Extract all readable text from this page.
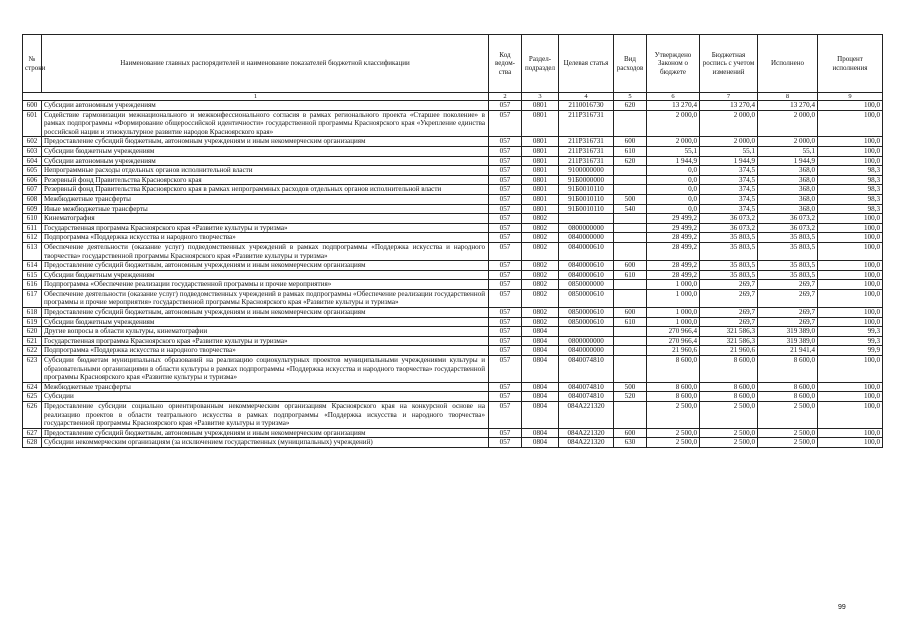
№ строки	Наименование главных распорядителей и наименование показателей бюджетной классификации	Код ведом-ства	Раздел-подраздел	Целевая статья	Вид расходов	Утверждено Законом о бюджете	Бюджетная роспись с учетом изменений	Исполнено	Процент исполнения
1		2	3	4	5	6	7	8	9
600	Субсидии автономным учреждениям	057	0801	2110016730	620	13 270,4	13 270,4	13 270,4	100,0
601	Содействие гармонизации межнационального и межконфессионального согласия в рамках регионального проекта «Старшее поколение» в рамках подпрограммы «Формирование общероссийской идентичности» государственной программы Красноярского края «Укрепление единства российской нации и этнокультурное развитие народов Красноярского края»	057	0801	211P316731		2 000,0	2 000,0	2 000,0	100,0
602	Предоставление субсидий бюджетным, автономным учреждениям и иным некоммерческим организациям	057	0801	211P316731	600	2 000,0	2 000,0	2 000,0	100,0
603	Субсидии бюджетным учреждениям	057	0801	211P316731	610	55,1	55,1	55,1	100,0
604	Субсидии автономным учреждениям	057	0801	211P316731	620	1 944,9	1 944,9	1 944,9	100,0
605	Непрограммные расходы отдельных органов исполнительной власти	057	0801	9100000000		0,0	374,5	368,0	98,3
606	Резервный фонд Правительства Красноярского края	057	0801	91Б0000000		0,0	374,5	368,0	98,3
607	Резервный фонд Правительства Красноярского края в рамках непрограммных расходов отдельных органов исполнительной власти	057	0801	91Б0010110		0,0	374,5	368,0	98,3
608	Межбюджетные трансферты	057	0801	91Б0010110	500	0,0	374,5	368,0	98,3
609	Иные межбюджетные трансферты	057	0801	91Б0010110	540	0,0	374,5	368,0	98,3
610	Кинематография	057	0802			29 499,2	36 073,2	36 073,2	100,0
611	Государственная программа Красноярского края «Развитие культуры и туризма»	057	0802	0800000000		29 499,2	36 073,2	36 073,2	100,0
612	Подпрограмма «Поддержка искусства и народного творчества»	057	0802	0840000000		28 499,2	35 803,5	35 803,5	100,0
613	Обеспечение деятельности (оказание услуг) подведомственных учреждений в рамках подпрограммы «Поддержка искусства и народного творчества» государственной программы Красноярского края «Развитие культуры и туризма»	057	0802	0840000610		28 499,2	35 803,5	35 803,5	100,0
614	Предоставление субсидий бюджетным, автономным учреждениям и иным некоммерческим организациям	057	0802	0840000610	600	28 499,2	35 803,5	35 803,5	100,0
615	Субсидии бюджетным учреждениям	057	0802	0840000610	610	28 499,2	35 803,5	35 803,5	100,0
616	Подпрограмма «Обеспечение реализации государственной программы и прочие мероприятия»	057	0802	0850000000		1 000,0	269,7	269,7	100,0
617	Обеспечение деятельности (оказание услуг) подведомственных учреждений в рамках подпрограммы «Обеспечение реализации государственной программы и прочие мероприятия» государственной программы Красноярского края «Развитие культуры и туризма»	057	0802	0850000610		1 000,0	269,7	269,7	100,0
618	Предоставление субсидий бюджетным, автономным учреждениям и иным некоммерческим организациям	057	0802	0850000610	600	1 000,0	269,7	269,7	100,0
619	Субсидии бюджетным учреждениям	057	0802	0850000610	610	1 000,0	269,7	269,7	100,0
620	Другие вопросы в области культуры, кинематографии	057	0804			270 966,4	321 586,3	319 389,0	99,3
621	Государственная программа Красноярского края «Развитие культуры и туризма»	057	0804	0800000000		270 966,4	321 586,3	319 389,0	99,3
622	Подпрограмма «Поддержка искусства и народного творчества»	057	0804	0840000000		21 960,6	21 960,6	21 941,4	99,9
623	Субсидии бюджетам муниципальных образований на реализацию социокультурных проектов муниципальными учреждениями культуры и образовательными организациями в области культуры в рамках подпрограммы «Поддержка искусства и народного творчества» государственной программы Красноярского края «Развитие культуры и туризма»	057	0804	0840074810		8 600,0	8 600,0	8 600,0	100,0
624	Межбюджетные трансферты	057	0804	0840074810	500	8 600,0	8 600,0	8 600,0	100,0
625	Субсидии	057	0804	0840074810	520	8 600,0	8 600,0	8 600,0	100,0
626	Предоставление субсидии социально ориентированным некоммерческим организациям Красноярского края на конкурсной основе на реализацию проектов в области театрального искусства в рамках подпрограммы «Поддержка искусства и народного творчества» государственной программы Красноярского края «Развитие культуры и туризма»	057	0804	084A221320		2 500,0	2 500,0	2 500,0	100,0
627	Предоставление субсидий бюджетным, автономным учреждениям и иным некоммерческим организациям	057	0804	084A221320	600	2 500,0	2 500,0	2 500,0	100,0
628	Субсидии некоммерческим организациям (за исключением государственных (муниципальных) учреждений)	057	0804	084A221320	630	2 500,0	2 500,0	2 500,0	100,0
99
